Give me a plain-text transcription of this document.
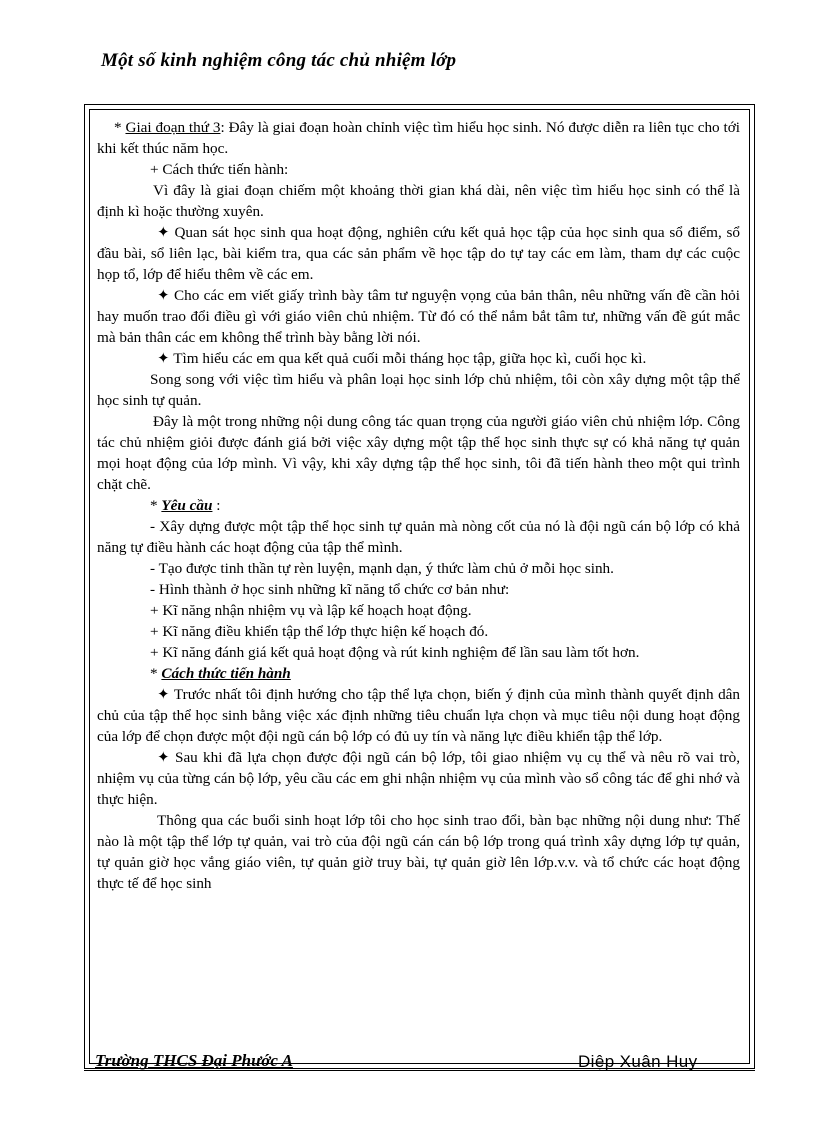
Một số kinh nghiệm công tác chủ nhiệm lớp

* Giai đoạn thứ 3: Đây là giai đoạn hoàn chỉnh việc tìm hiểu học sinh. Nó được diễn ra liên tục cho tới khi kết thúc năm học.

+ Cách thức tiến hành:

Vì đây là giai đoạn chiếm một khoảng thời gian khá dài, nên việc tìm hiểu học sinh có thể là định kì hoặc thường xuyên.

✦ Quan sát học sinh qua hoạt động, nghiên cứu kết quả học tập của học sinh qua sổ điểm, sổ đầu bài, sổ liên lạc, bài kiểm tra, qua các sản phẩm về học tập do tự tay các em làm, tham dự các cuộc họp tổ, lớp để hiểu thêm về các em.

✦ Cho các em viết giấy trình bày tâm tư nguyện vọng của bản thân, nêu những vấn đề cần hỏi hay muốn trao đổi điều gì với giáo viên chủ nhiệm. Từ đó có thể nắm bắt tâm tư, những vấn đề gút mắc mà bản thân các em không thể trình bày bằng lời nói.

✦ Tìm hiểu các em qua kết quả cuối mỗi tháng học tập, giữa học kì, cuối học kì.

Song song với việc tìm hiểu và phân loại học sinh lớp chủ nhiệm, tôi còn xây dựng một tập thể học sinh tự quản.

Đây là một trong những nội dung công tác quan trọng của người giáo viên chủ nhiệm lớp. Công tác chủ nhiệm giỏi được đánh giá bởi việc xây dựng một tập thể học sinh thực sự có khả năng tự quản mọi hoạt động của lớp mình. Vì vậy, khi xây dựng tập thể học sinh, tôi đã tiến hành theo một qui trình chặt chẽ.

* Yêu cầu :

- Xây dựng được một tập thể học sinh tự quản mà nòng cốt của nó là đội ngũ cán bộ lớp có khả năng tự điều hành các hoạt động của tập thể mình.

- Tạo được tinh thần tự rèn luyện, mạnh dạn, ý thức làm chủ ở mỗi học sinh.

- Hình thành ở học sinh những kĩ năng tổ chức cơ bản như:

+ Kĩ năng nhận nhiệm vụ và lập kế hoạch hoạt động.

+ Kĩ năng điều khiển tập thể lớp thực hiện kế hoạch đó.

+ Kĩ năng đánh giá kết quả hoạt động và rút kinh nghiệm để lần sau làm tốt hơn.

* Cách thức tiến hành

✦ Trước nhất tôi định hướng cho tập thể lựa chọn, biến ý định của mình thành quyết định dân chủ của tập thể học sinh bằng việc xác định những tiêu chuẩn lựa chọn và mục tiêu nội dung hoạt động của lớp để chọn được một đội ngũ cán bộ lớp có đủ uy tín và năng lực điều khiển tập thể lớp.

✦ Sau khi đã lựa chọn được đội ngũ cán bộ lớp, tôi giao nhiệm vụ cụ thể và nêu rõ vai trò, nhiệm vụ của từng cán bộ lớp, yêu cầu các em ghi nhận nhiệm vụ của mình vào sổ công tác để ghi nhớ và thực hiện.

Thông qua các buổi sinh hoạt lớp tôi cho học sinh trao đổi, bàn bạc những nội dung như: Thế nào là một tập thể lớp tự quản, vai trò của đội ngũ cán cán bộ lớp trong quá trình xây dựng lớp tự quản, tự quản giờ học vắng giáo viên, tự quản giờ truy bài, tự quản giờ lên lớp.v.v. và tổ chức các hoạt động thực tế để học sinh

Trường THCS Đại Phước A	Diệp Xuân Huy
